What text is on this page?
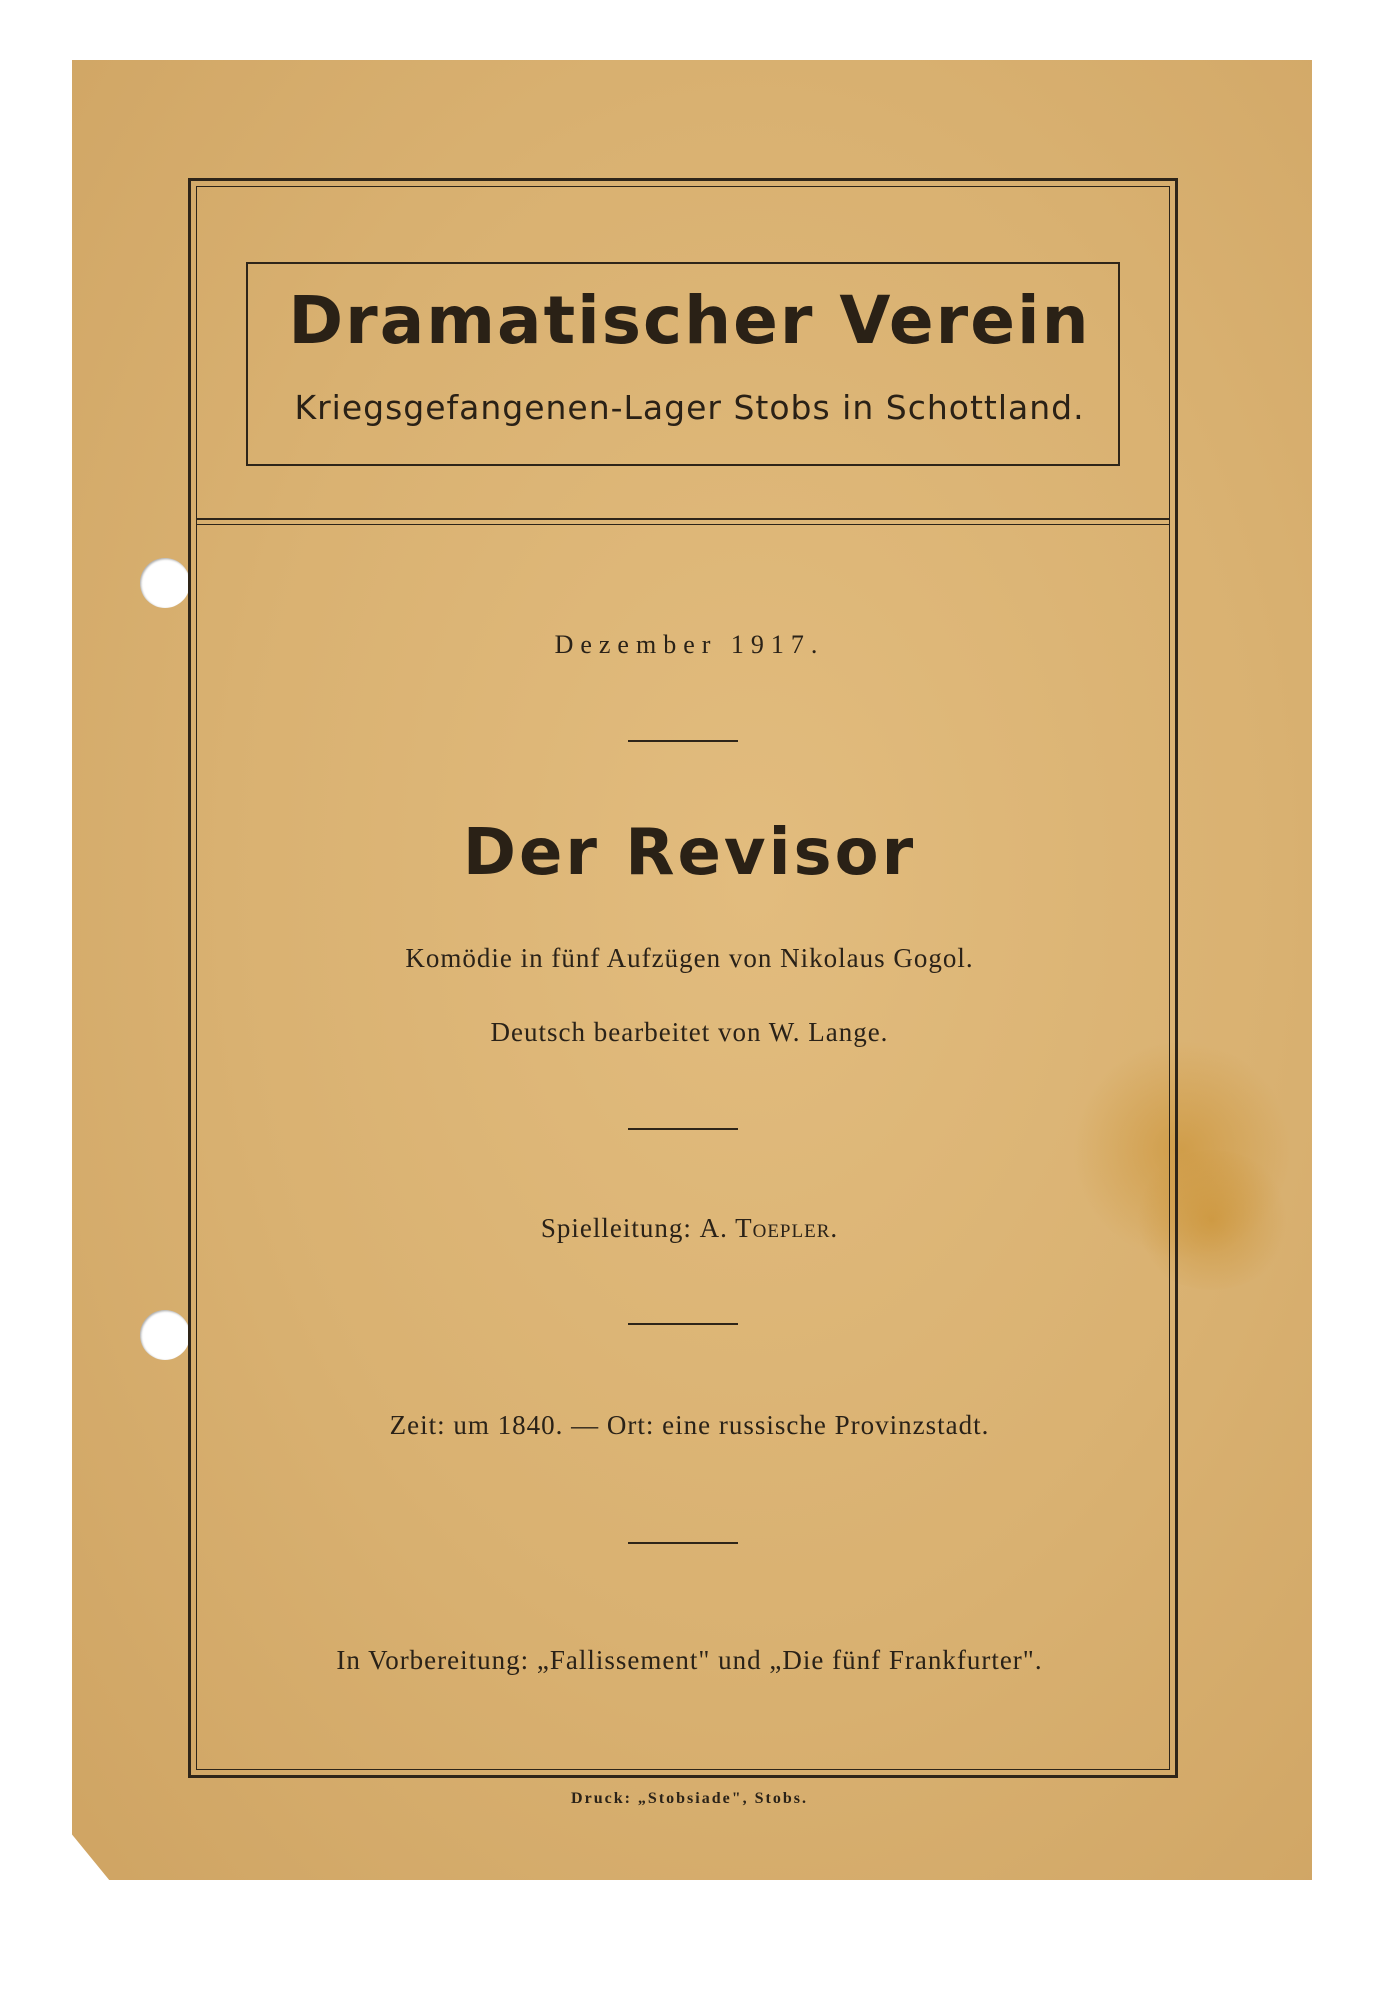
Dramatischer Verein
Kriegsgefangenen-Lager Stobs in Schottland.
Dezember 1917.
Der Revisor
Komödie in fünf Aufzügen von Nikolaus Gogol.
Deutsch bearbeitet von W. Lange.
Spielleitung: A. Toepler.
Zeit: um 1840. — Ort: eine russische Provinzstadt.
In Vorbereitung: „Fallissement" und „Die fünf Frankfurter".
Druck: „Stobsiade", Stobs.
